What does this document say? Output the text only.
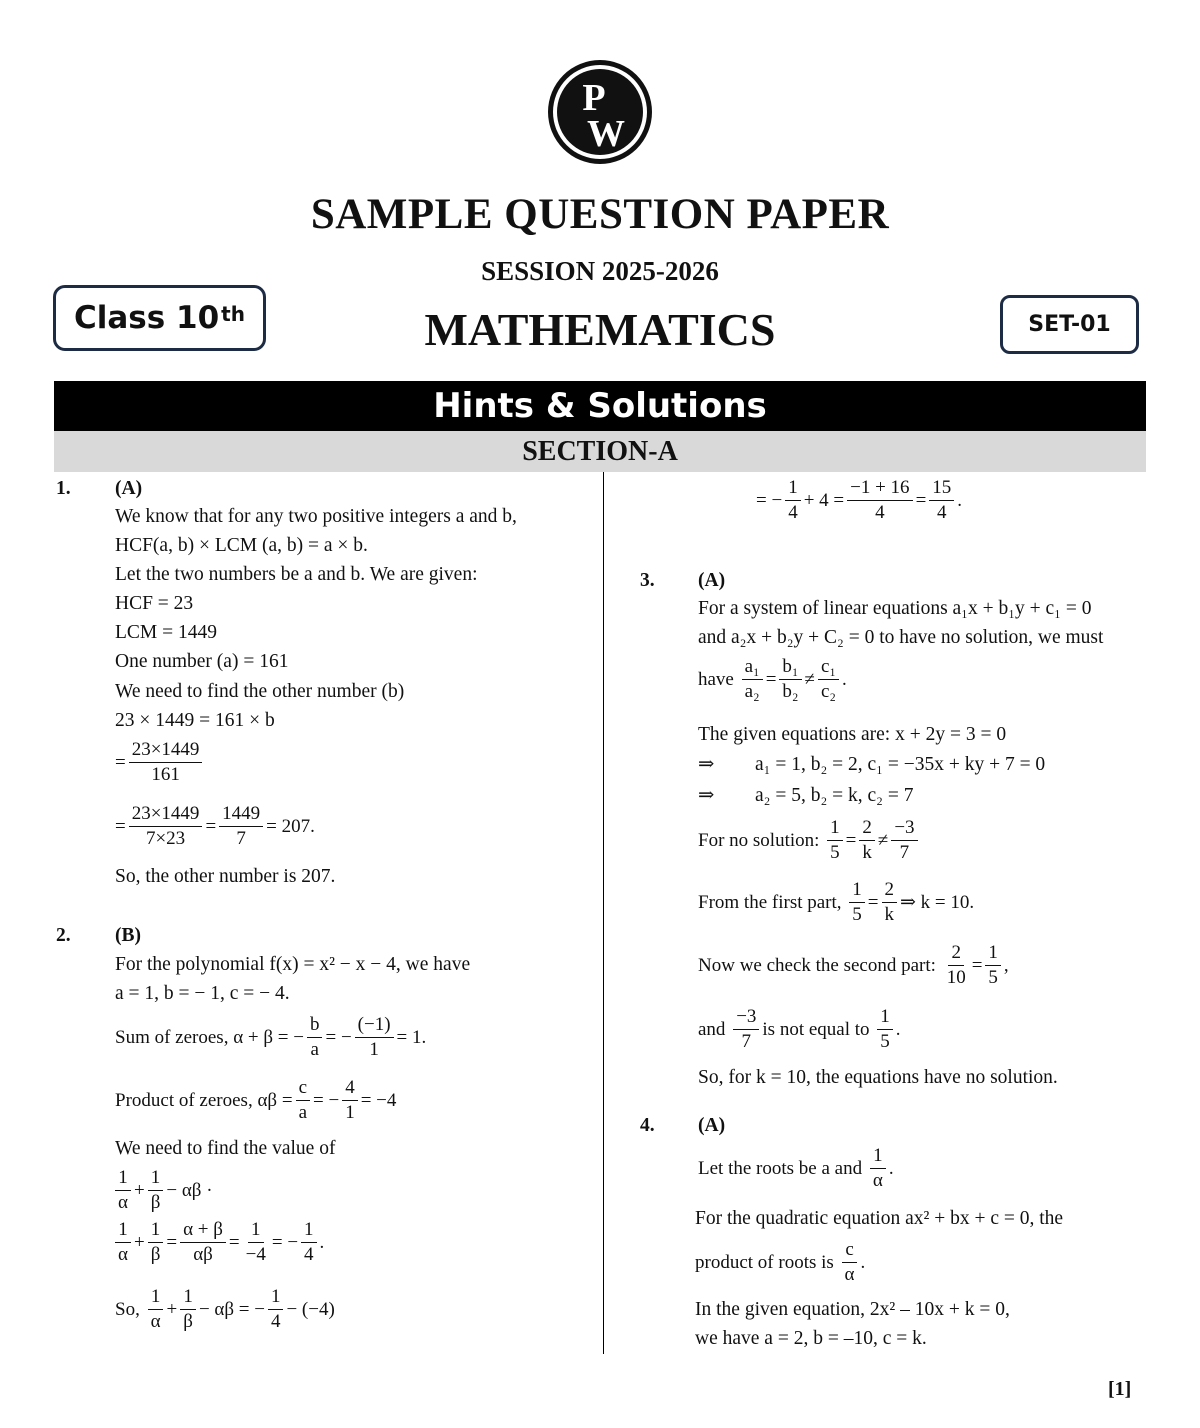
P
W
SAMPLE QUESTION PAPER
SESSION 2025-2026
MATHEMATICS
Class 10th	SET-01
Hints & Solutions
SECTION-A
1. (A)
We know that for any two positive integers a and b,
HCF(a, b) × LCM (a, b) = a × b.
Let the two numbers be a and b. We are given:
HCF = 23
LCM = 1449
One number (a) = 161
We need to find the other number (b)
23 × 1449 = 161 × b
= $\frac{23\times 1449}{161}$
= $\frac{23\times 1449}{7\times 23} = \frac{1449}{7} = 207$.
So, the other number is 207.
2. (B)
For the polynomial f(x) = x² − x − 4, we have
a = 1, b = − 1, c = − 4.
Sum of zeroes,
α + β = − $\frac{b}{a}$ = − $\frac{(-1)}{1} = 1$.
Product of zeroes,
$\alpha\beta = \frac{c}{a}$ = − $\frac{4}{1} = -4$
We need to find the value of
$\frac{1}{\alpha} + \frac{1}{\beta} - \alpha\beta$ ·
$\frac{1}{\alpha} + \frac{1}{\beta} = \frac{\alpha + \beta}{\alpha\beta} = \frac{1}{-4}$ = − $\frac{1}{4}$ .
So,
$\frac{1}{\alpha} + \frac{1}{\beta} - \alpha\beta$ = − $\frac{1}{4} - (-4)$
= − $\frac{1}{4} + 4 = \frac{-1 + 16}{4} = \frac{15}{4}$ .
3. (A)
For a system of linear equations a₁x + b₁y + c₁ = 0
and a₂x + b₂y + C₂ = 0 to have no solution, we must
have
$\frac{\text{a₁}}{\text{a₂}} = \frac{\text{b₁}}{\text{b₂}} \ne \frac{\text{c₁}}{\text{c₂}}$ .
The given equations are: x + 2y = 3 = 0
⇒ a₁ = 1, b₂ = 2, c₁ = −35x + ky + 7 = 0
⇒ a₂ = 5, b₂ = k, c₂ = 7
For no solution:
$\frac{1}{5} = \frac{2}{k} \ne \frac{-3}{7}$
From the first part,
$\frac{1}{5} = \frac{2}{k}$ ⇒ k = 10.
Now we check the second part:
$\frac{2}{10} = \frac{1}{5}$ ,
and
$\frac{-3}{7}$ is not equal to
$\frac{1}{5}$ .
So, for k = 10, the equations have no solution.
4. (A)
Let the roots be a and
$\frac{1}{\alpha}$ .
For the quadratic equation ax² + bx + c = 0, the
product of roots is
$\frac{c}{\alpha}$ .
In the given equation, 2x² – 10x + k = 0,
we have a = 2, b = –10, c = k.
[1]
